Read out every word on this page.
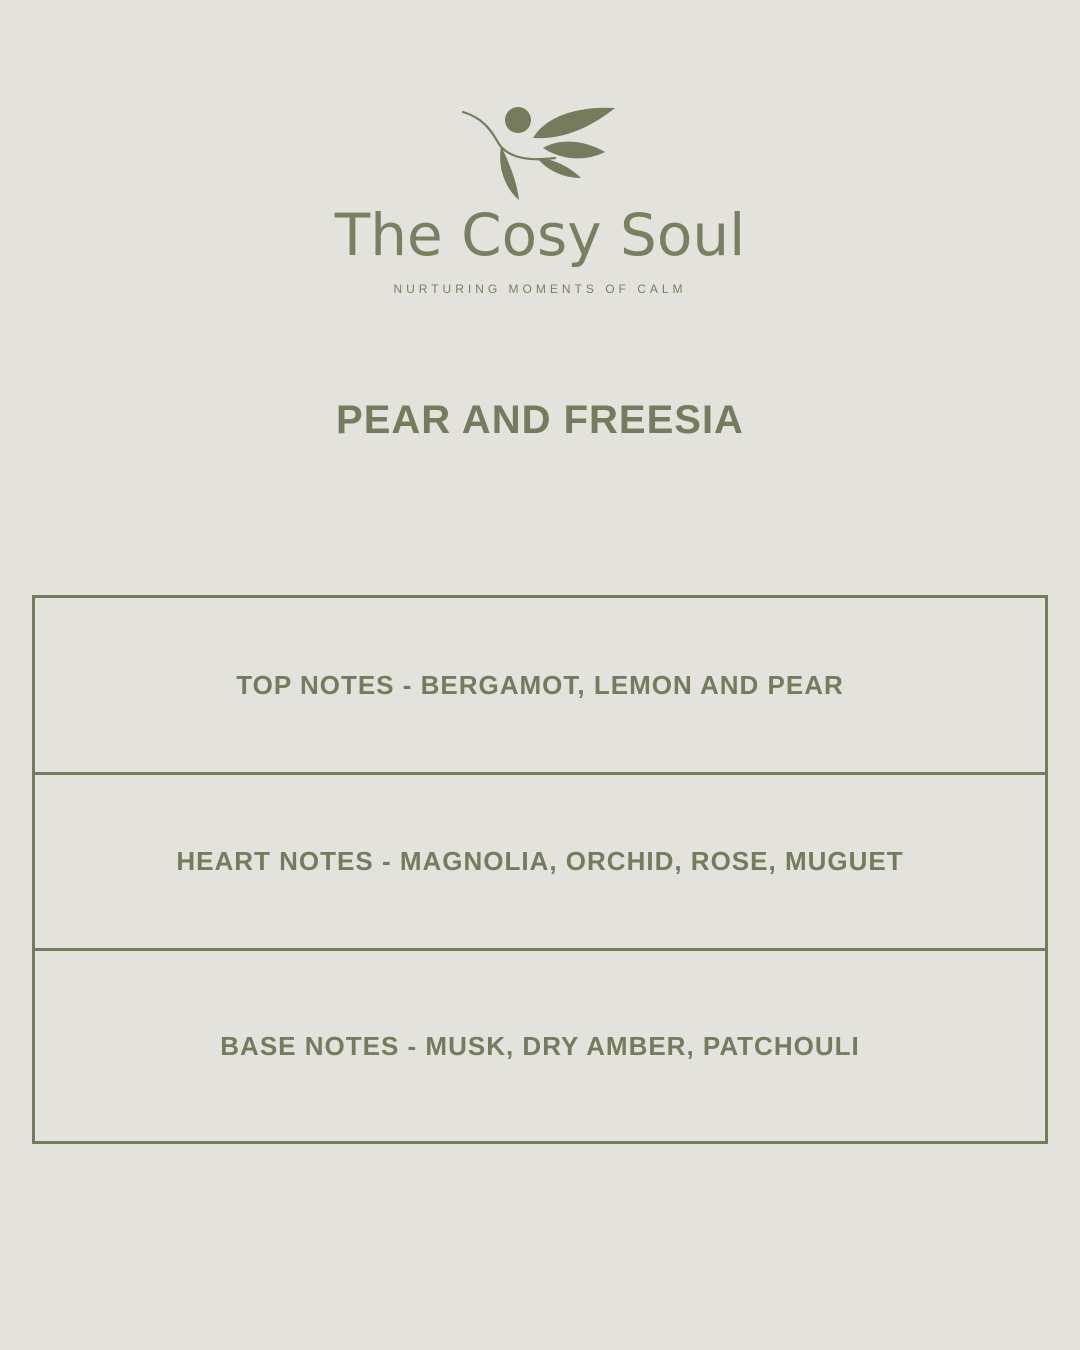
The Cosy Soul
NURTURING MOMENTS OF CALM
PEAR AND FREESIA
TOP NOTES - BERGAMOT, LEMON AND PEAR
HEART NOTES - MAGNOLIA, ORCHID, ROSE, MUGUET
BASE NOTES - MUSK, DRY AMBER, PATCHOULI
